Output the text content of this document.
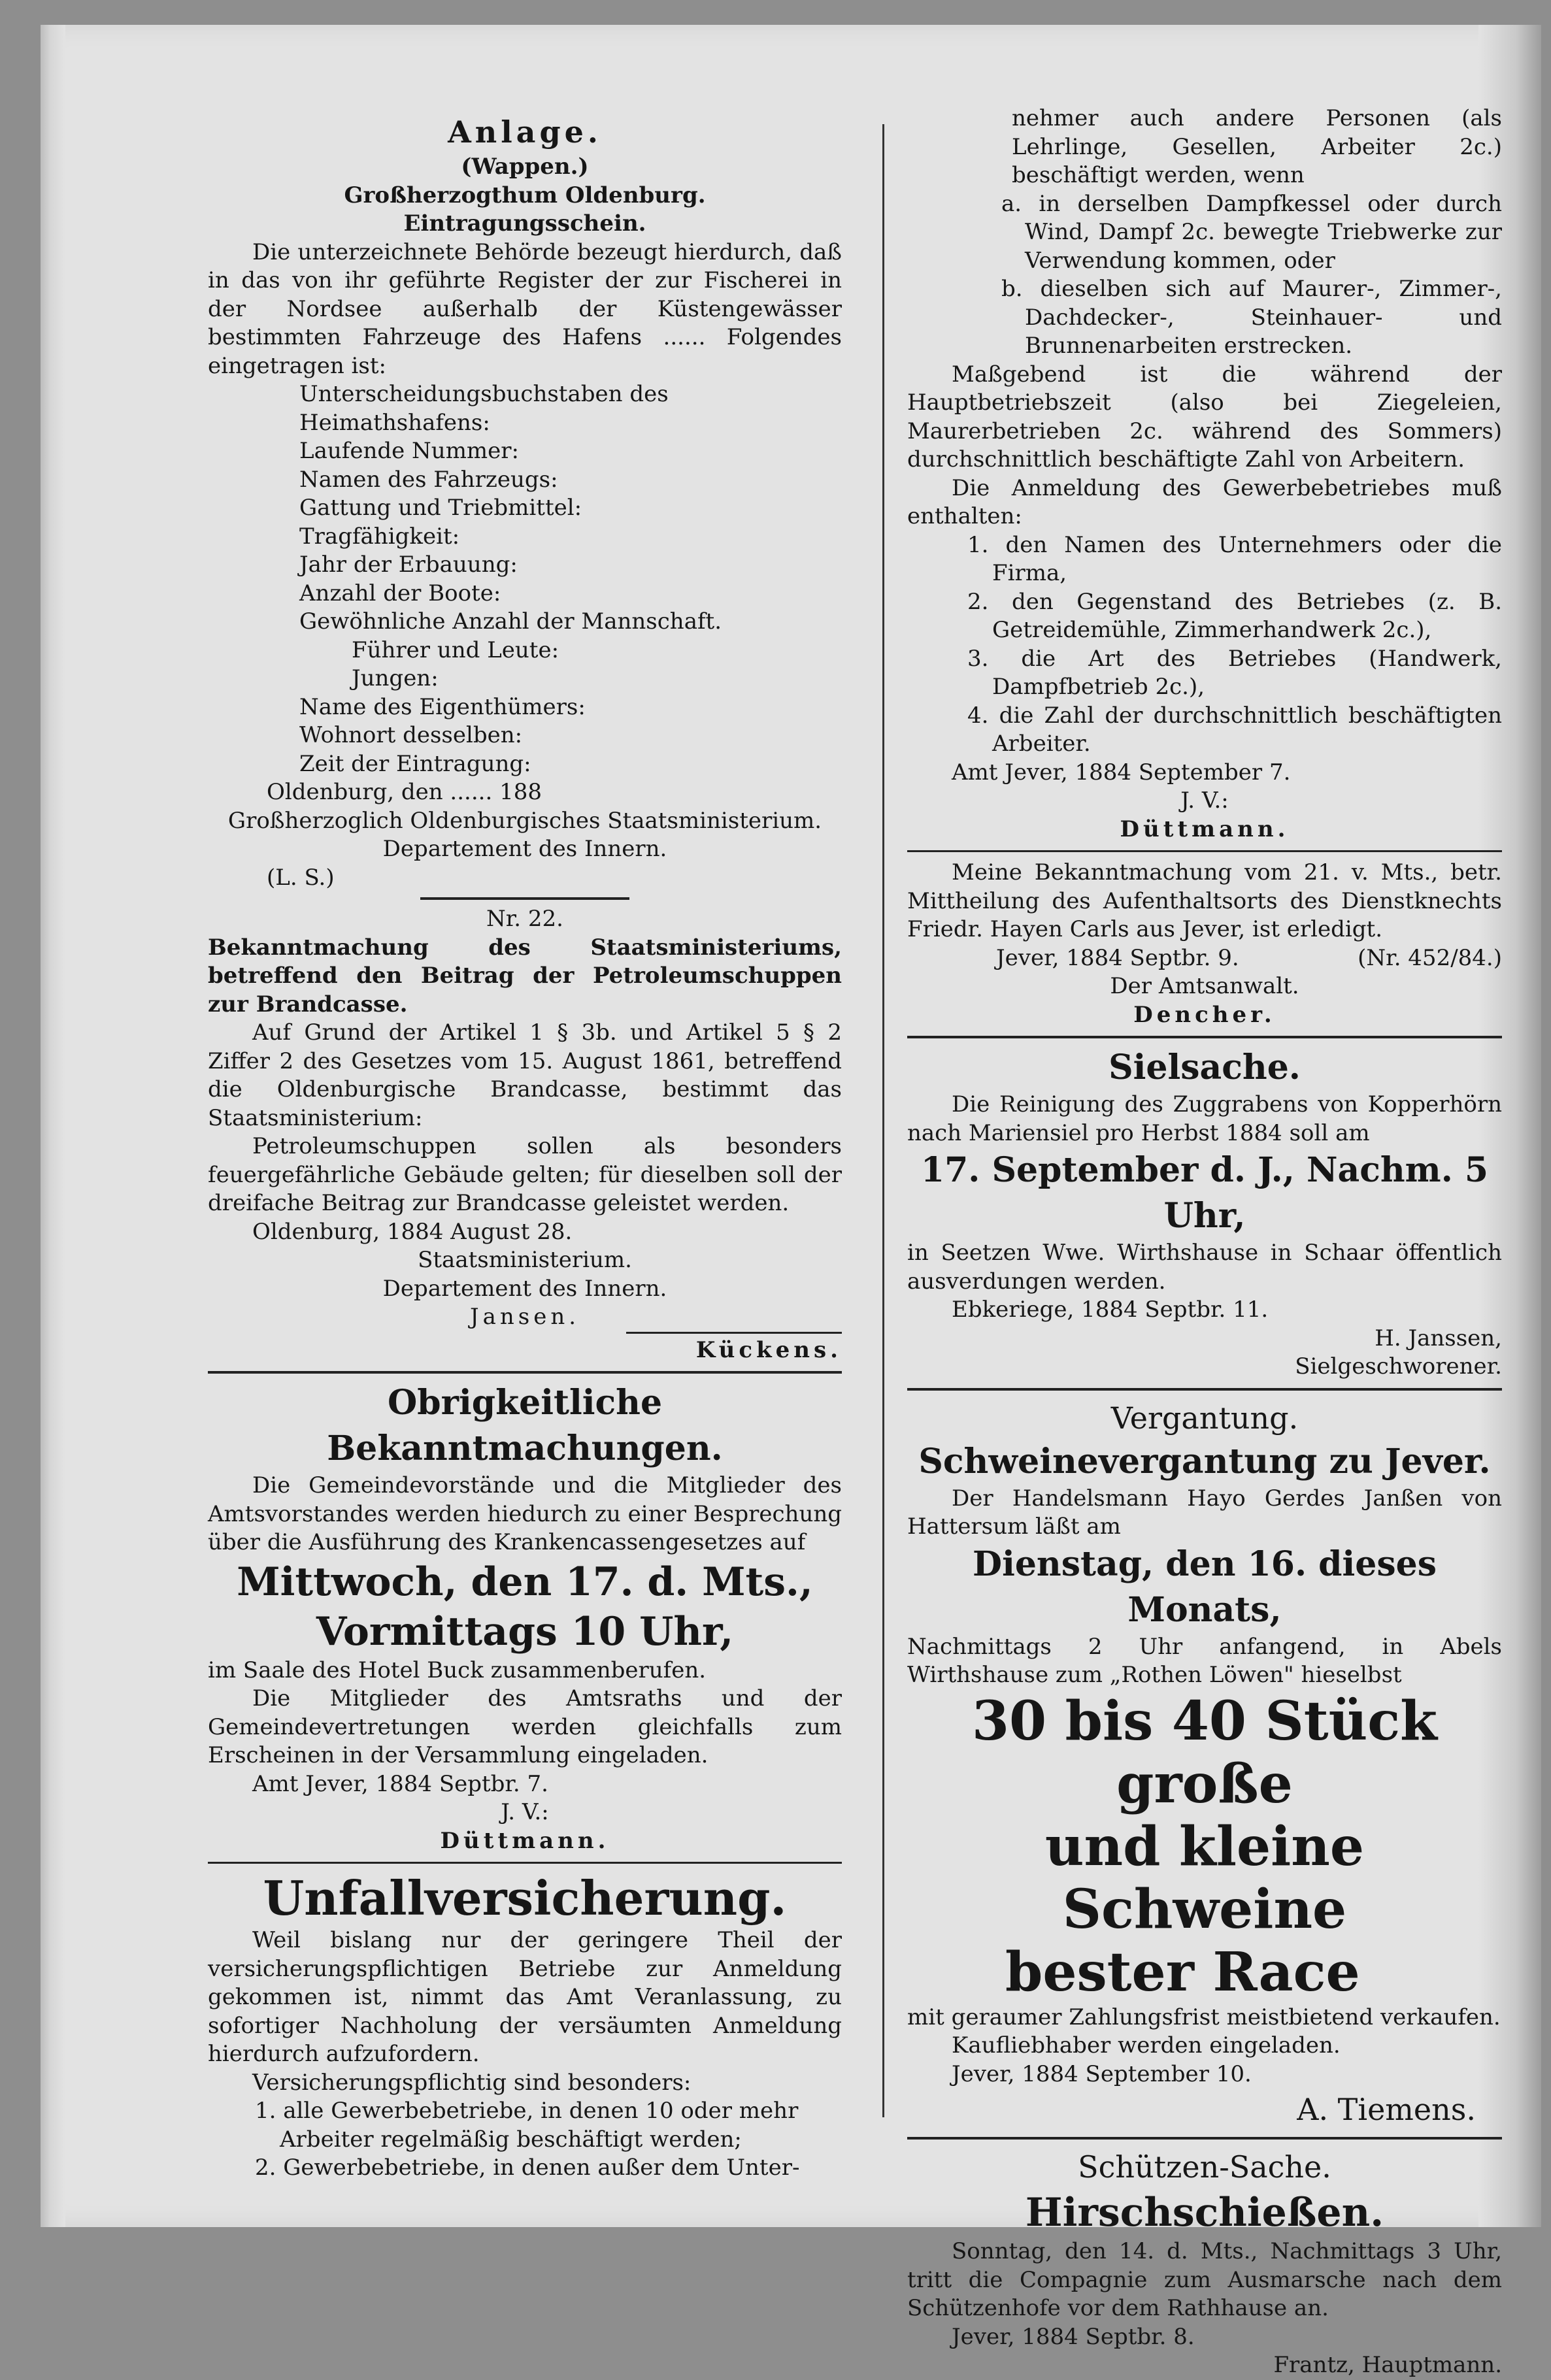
Anlage.

(Wappen.)

Großherzogthum Oldenburg.

Eintragungsschein.

Die unterzeichnete Behörde bezeugt hierdurch, daß in das von ihr geführte Register der zur Fischerei in der Nordsee außerhalb der Küstengewässer bestimmten Fahrzeuge des Hafens ...... Folgendes eingetragen ist:

Unterscheidungsbuchstaben des Heimathshafens:

Laufende Nummer:

Namen des Fahrzeugs:

Gattung und Triebmittel:

Tragfähigkeit:

Jahr der Erbauung:

Anzahl der Boote:

Gewöhnliche Anzahl der Mannschaft.

Führer und Leute:

Jungen:

Name des Eigenthümers:

Wohnort desselben:

Zeit der Eintragung:

Oldenburg, den ...... 188

Großherzoglich Oldenburgisches Staatsministerium.

Departement des Innern.

(L. S.)

Nr. 22.

Bekanntmachung des Staatsministeriums, betreffend den Beitrag der Petroleumschuppen zur Brandcasse.

Auf Grund der Artikel 1 § 3b. und Artikel 5 § 2 Ziffer 2 des Gesetzes vom 15. August 1861, betreffend die Oldenburgische Brandcasse, bestimmt das Staatsministerium:

Petroleumschuppen sollen als besonders feuergefährliche Gebäude gelten; für dieselben soll der dreifache Beitrag zur Brandcasse geleistet werden.

Oldenburg, 1884 August 28.

Staatsministerium.

Departement des Innern.

Jansen.

Kückens.

Obrigkeitliche Bekanntmachungen.

Die Gemeindevorstände und die Mitglieder des Amtsvorstandes werden hiedurch zu einer Besprechung über die Ausführung des Krankencassengesetzes auf

Mittwoch, den 17. d. Mts.,

Vormittags 10 Uhr,

im Saale des Hotel Buck zusammenberufen.

Die Mitglieder des Amtsraths und der Gemeindevertretungen werden gleichfalls zum Erscheinen in der Versammlung eingeladen.

Amt Jever, 1884 Septbr. 7.

J. V.:

Düttmann.

Unfallversicherung.

Weil bislang nur der geringere Theil der versicherungspflichtigen Betriebe zur Anmeldung gekommen ist, nimmt das Amt Veranlassung, zu sofortiger Nachholung der versäumten Anmeldung hierdurch aufzufordern.

Versicherungspflichtig sind besonders:

1. alle Gewerbebetriebe, in denen 10 oder mehr Arbeiter regelmäßig beschäftigt werden;

2. Gewerbebetriebe, in denen außer dem Unter-

nehmer auch andere Personen (als Lehrlinge, Gesellen, Arbeiter 2c.) beschäftigt werden, wenn

a. in derselben Dampfkessel oder durch Wind, Dampf 2c. bewegte Triebwerke zur Verwendung kommen, oder

b. dieselben sich auf Maurer-, Zimmer-, Dachdecker-, Steinhauer- und Brunnenarbeiten erstrecken.

Maßgebend ist die während der Hauptbetriebszeit (also bei Ziegeleien, Maurerbetrieben 2c. während des Sommers) durchschnittlich beschäftigte Zahl von Arbeitern.

Die Anmeldung des Gewerbebetriebes muß enthalten:

1. den Namen des Unternehmers oder die Firma,

2. den Gegenstand des Betriebes (z. B. Getreidemühle, Zimmerhandwerk 2c.),

3. die Art des Betriebes (Handwerk, Dampfbetrieb 2c.),

4. die Zahl der durchschnittlich beschäftigten Arbeiter.

Amt Jever, 1884 September 7.

J. V.:

Düttmann.

Meine Bekanntmachung vom 21. v. Mts., betr. Mittheilung des Aufenthaltsorts des Dienstknechts Friedr. Hayen Carls aus Jever, ist erledigt.

Jever, 1884 Septbr. 9.	(Nr. 452/84.)

Der Amtsanwalt.

Dencher.

Sielsache.

Die Reinigung des Zuggrabens von Kopperhörn nach Mariensiel pro Herbst 1884 soll am

17. September d. J., Nachm. 5 Uhr,

in Seetzen Wwe. Wirthshause in Schaar öffentlich ausverdungen werden.

Ebkeriege, 1884 Septbr. 11.

H. Janssen,

Sielgeschworener.

Vergantung.

Schweinevergantung zu Jever.

Der Handelsmann Hayo Gerdes Janßen von Hattersum läßt am

Dienstag, den 16. dieses Monats,

Nachmittags 2 Uhr anfangend, in Abels Wirthshause zum „Rothen Löwen" hieselbst

30 bis 40 Stück große

und kleine Schweine

bester Race

mit geraumer Zahlungsfrist meistbietend verkaufen.

Kaufliebhaber werden eingeladen.

Jever, 1884 September 10.

A. Tiemens.

Schützen-Sache.

Hirschschießen.

Sonntag, den 14. d. Mts., Nachmittags 3 Uhr, tritt die Compagnie zum Ausmarsche nach dem Schützenhofe vor dem Rathhause an.

Jever, 1884 Septbr. 8.

Frantz, Hauptmann.
